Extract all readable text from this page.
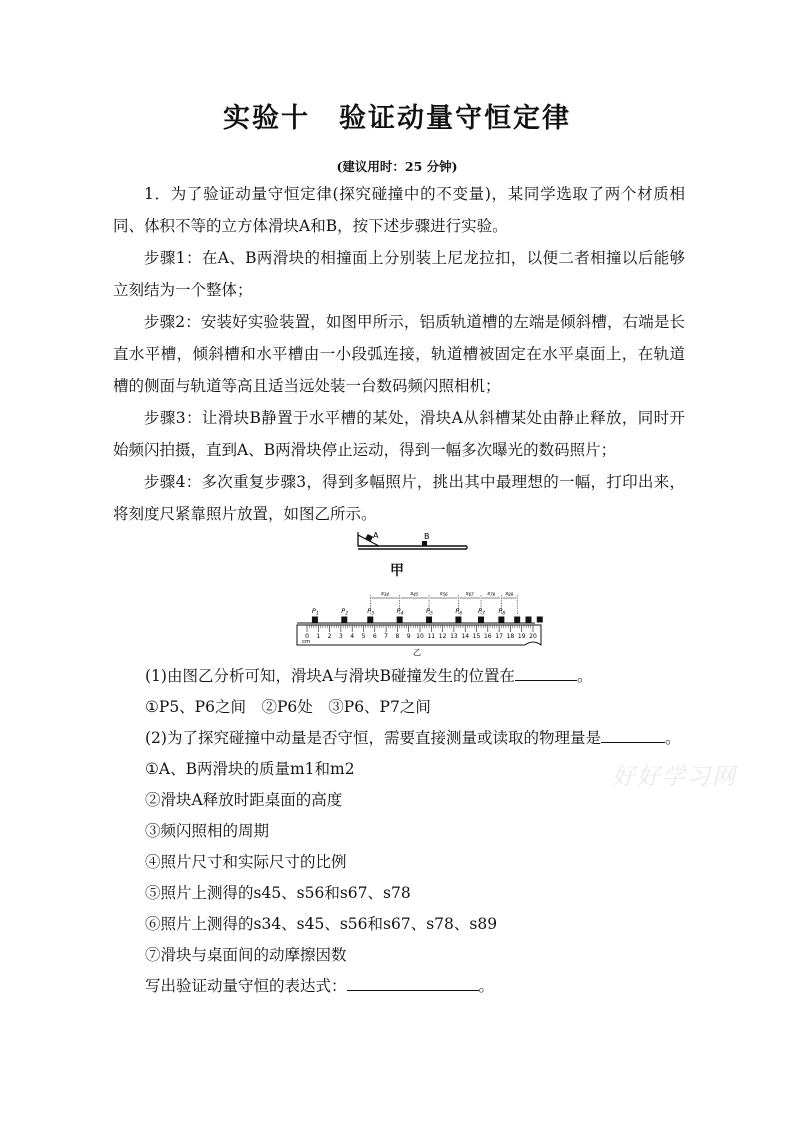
实验十　验证动量守恒定律
(建议用时：25 分钟)

1．为了验证动量守恒定律(探究碰撞中的不变量)，某同学选取了两个材质相同、体积不等的立方体滑块A和B，按下述步骤进行实验。

步骤1：在A、B两滑块的相撞面上分别装上尼龙拉扣，以便二者相撞以后能够立刻结为一个整体；

步骤2：安装好实验装置，如图甲所示，铝质轨道槽的左端是倾斜槽，右端是长直水平槽，倾斜槽和水平槽由一小段弧连接，轨道槽被固定在水平桌面上，在轨道槽的侧面与轨道等高且适当远处装一台数码频闪照相机；

步骤3：让滑块B静置于水平槽的某处，滑块A从斜槽某处由静止释放，同时开始频闪拍摄，直到A、B两滑块停止运动，得到一幅多次曝光的数码照片；

步骤4：多次重复步骤3，得到多幅照片，挑出其中最理想的一幅，打印出来，将刻度尺紧靠照片放置，如图乙所示。

A	B
甲
s34	s45	s56	s67 s78 s89
$P_1$	$P_2$	$P_3$	$P_4$	$P_5$	$P_6$ $P_7$ $P_8$
0 1 2 3 4 5 6 7 8 9 10 11 12 13 14 15 16 17 18 19 20
cm
乙
(1)由图乙分析可知，滑块A与滑块B碰撞发生的位置在	。
①P5、P6之间　②P6处　③P6、P7之间
(2)为了探究碰撞中动量是否守恒，需要直接测量或读取的物理量是	。
①A、B两滑块的质量m1和m2
②滑块A释放时距桌面的高度
③频闪照相的周期
④照片尺寸和实际尺寸的比例
⑤照片上测得的s45、s56和s67、s78
⑥照片上测得的s34、s45、s56和s67、s78、s89
⑦滑块与桌面间的动摩擦因数
写出验证动量守恒的表达式：	。
好好学习网
